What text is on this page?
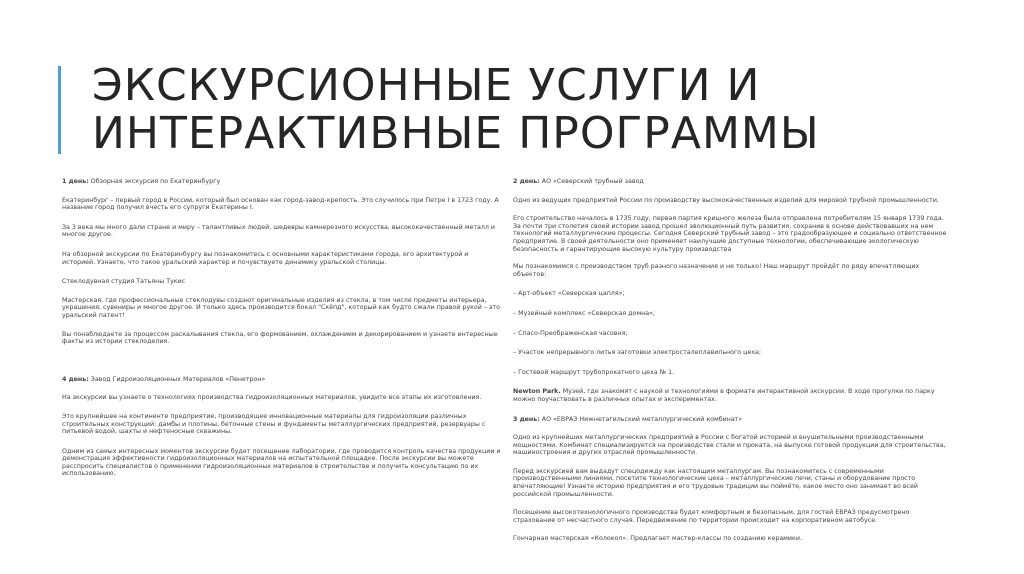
ЭКСКУРСИОННЫЕ УСЛУГИ И
ИНТЕРАКТИВНЫЕ ПРОГРАММЫ

1 день: Обзорная экскурсия по Екатеринбургу

Екатеринбург – первый город в России, который был основан как город-завод-крепость. Это случилось при Петре I в 1723 году. А название город получил вчесть его супруги Екатерины I.

За 3 века мы много дали стране и миру – талантливых людей, шедевры камнерезного искусства, высококачественный металл и многое другое.

На обзорной экскурсии по Екатеринбургу вы познакомитесь с основными характеристиками города, его архитектурой и историей. Узнаете, что такое уральский характер и почувствуете динамику уральской столицы.

Стеклодувная студия Татьяны Тукис

Мастерская, где профессиональные стеклодувы создают оригинальные изделия из стекла, в том числе предметы интерьера, украшения, сувениры и многое другое. И только здесь производится бокал "Скёпд", который как будто сжали правой рукой – это уральский патент!

Вы понаблюдаете за процессом раскалывания стекла, его формованием, охлаждением и декорированием и узнаете интересные факты из истории стеклоделия.

4 день: Завод Гидроизоляционных Материалов «Пенетрон»

На экскурсии вы узнаете о технологиях производства гидроизоляционных материалов, увидите все этапы их изготовления.

Это крупнейшее на континенте предприятие, производящее инновационные материалы для гидроизоляции различных строительных конструкций: дамбы и плотины, бетонные стены и фундаменты металлургических предприятий, резервуары с питьевой водой, шахты и нефтеносные скважины.

Одним из самых интересных моментов экскурсии будет посещение лаборатории, где проводится контроль качества продукции и демонстрация эффективности гидроизоляционных материалов на испытательной площадке. После экскурсии вы можете расспросить специалистов о применении гидроизоляционных материалов в строительстве и получить консультацию по их использованию.

2 день: АО «Северский трубный завод

Одно из ведущих предприятий России по производству высококачественных изделий для мировой трубной промышленности.

Его строительство началось в 1735 году, первая партия крицного железа была отправлена потребителям 15 января 1739 года. За почти три столетия своей истории завод прошел эволюционный путь развития, сохранив в основе действовавших на нем технологий металлургические процессы. Сегодня Северский трубный завод – это градообразующее и социально ответственное предприятие. В своей деятельности оно применяет наилучшие доступные технологии, обеспечивающие экологическую безопасность и гарантирующие высокую культуру производства

Мы познакомимся с производством труб разного назначения и не только! Наш маршрут пройдёт по ряду впечатляющих объектов:

– Арт-объект «Северская цапля»;

– Музейный комплекс «Северская домна»;

– Спасо-Преображенская часовня;

– Участок непрерывного литья заготовки электросталеплавильного цеха;

– Гостевой маршрут трубопрокатного цеха № 1.

Newton Park. Музей, где знакомят с наукой и технологиями в формате интерактивной экскурсии. В ходе прогулки по парку можно поучаствовать в различных опытах и экспериментах.

3 день: АО «ЕВРАЗ Нижнетагильский металлургический комбинат»

Одно из крупнейших металлургических предприятий в России с богатой историей и внушительными производственными мощностями. Комбинат специализируется на производстве стали и проката, на выпуске готовой продукции для строительства, машиностроения и других отраслей промышленности.

Перед экскурсией вам выдадут спецодежду как настоящим металлургам. Вы познакомитесь с современными производственными линиями, посетите технологические цеха – металлургические печи, станы и оборудование просто впечатляющие! Узнаете историю предприятия и его трудовые традиции вы поймёте, какое место оно занимает во всей российской промышленности.

Посещение высокотехнологичного производства будет комфортным и безопасным, для гостей ЕВРАЗ предусмотрено страхование от несчастного случая. Передвижение по территории происходит на корпоративном автобусе.

Гончарная мастерская «Колокол». Предлагает мастер-классы по созданию керамики.
